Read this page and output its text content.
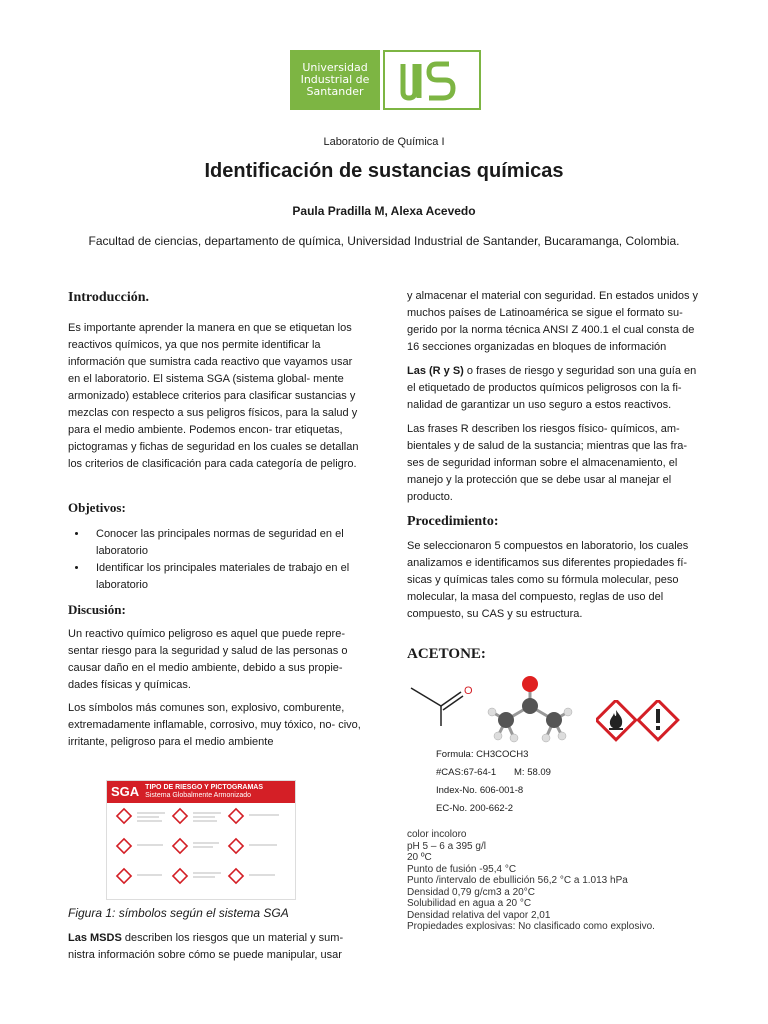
Universidad Industrial de Santander
Laboratorio de Química I
Identificación de sustancias químicas
Paula Pradilla M, Alexa Acevedo
Facultad de ciencias, departamento de química, Universidad Industrial de Santander, Bucaramanga, Colombia.
Introducción.
Es importante aprender la manera en que se etiquetan los reactivos químicos, ya que nos permite identificar la información que sumistra cada reactivo que vayamos usar en el laboratorio. El sistema SGA (sistema global- mente armonizado) establece criterios para clasificar sustancias y mezclas con respecto a sus peligros físicos, para la salud y para el medio ambiente. Podemos encon- trar etiquetas, pictogramas y fichas de seguridad en los cuales se detallan los criterios de clasificación para cada categoría de peligro.
Objetivos:
• Conocer las principales normas de seguridad en el laboratorio
• Identificar los principales materiales de trabajo en el laboratorio
Discusión:
Un reactivo químico peligroso es aquel que puede repre- sentar riesgo para la seguridad y salud de las personas o causar daño en el medio ambiente, debido a sus propie- dades físicas y químicas.
Los símbolos más comunes son, explosivo, comburente, extremadamente inflamable, corrosivo, muy tóxico, no- civo, irritante, peligroso para el medio ambiente
SGA TIPO DE RIESGO Y PICTOGRAMAS
Sistema Globalmente Armonizado
Figura 1: símbolos según el sistema SGA
Las MSDS describen los riesgos que un material y sum- nistra información sobre cómo se puede manipular, usar
y almacenar el material con seguridad. En estados unidos y muchos países de Latinoamérica se sigue el formato su- gerido por la norma técnica ANSI Z 400.1 el cual consta de 16 secciones organizadas en bloques de información
Las (R y S) o frases de riesgo y seguridad son una guía en el etiquetado de productos químicos peligrosos con la fi- nalidad de garantizar un uso seguro a estos reactivos.
Las frases R describen los riesgos físico- químicos, am- bientales y de salud de la sustancia; mientras que las fra- ses de seguridad informan sobre el almacenamiento, el manejo y la protección que se debe usar al manejar el producto.
Procedimiento:
Se seleccionaron 5 compuestos en laboratorio, los cuales analizamos e identificamos sus diferentes propiedades fí- sicas y químicas tales como su fórmula molecular, peso molecular, la masa del compuesto, reglas de uso del compuesto, su CAS y su estructura.
ACETONE:
O
Formula: CH3COCH3
#CAS:67-64-1 M: 58.09
Index-No. 606-001-8
EC-No. 200-662-2
color incoloro
pH 5 – 6 a 395 g/l
20 ºC
Punto de fusión -95,4 °C
Punto /intervalo de ebullición 56,2 °C a 1.013 hPa
Densidad 0,79 g/cm3 a 20°C
Solubilidad en agua a 20 °C
Densidad relativa del vapor 2,01
Propiedades explosivas: No clasificado como explosivo.
